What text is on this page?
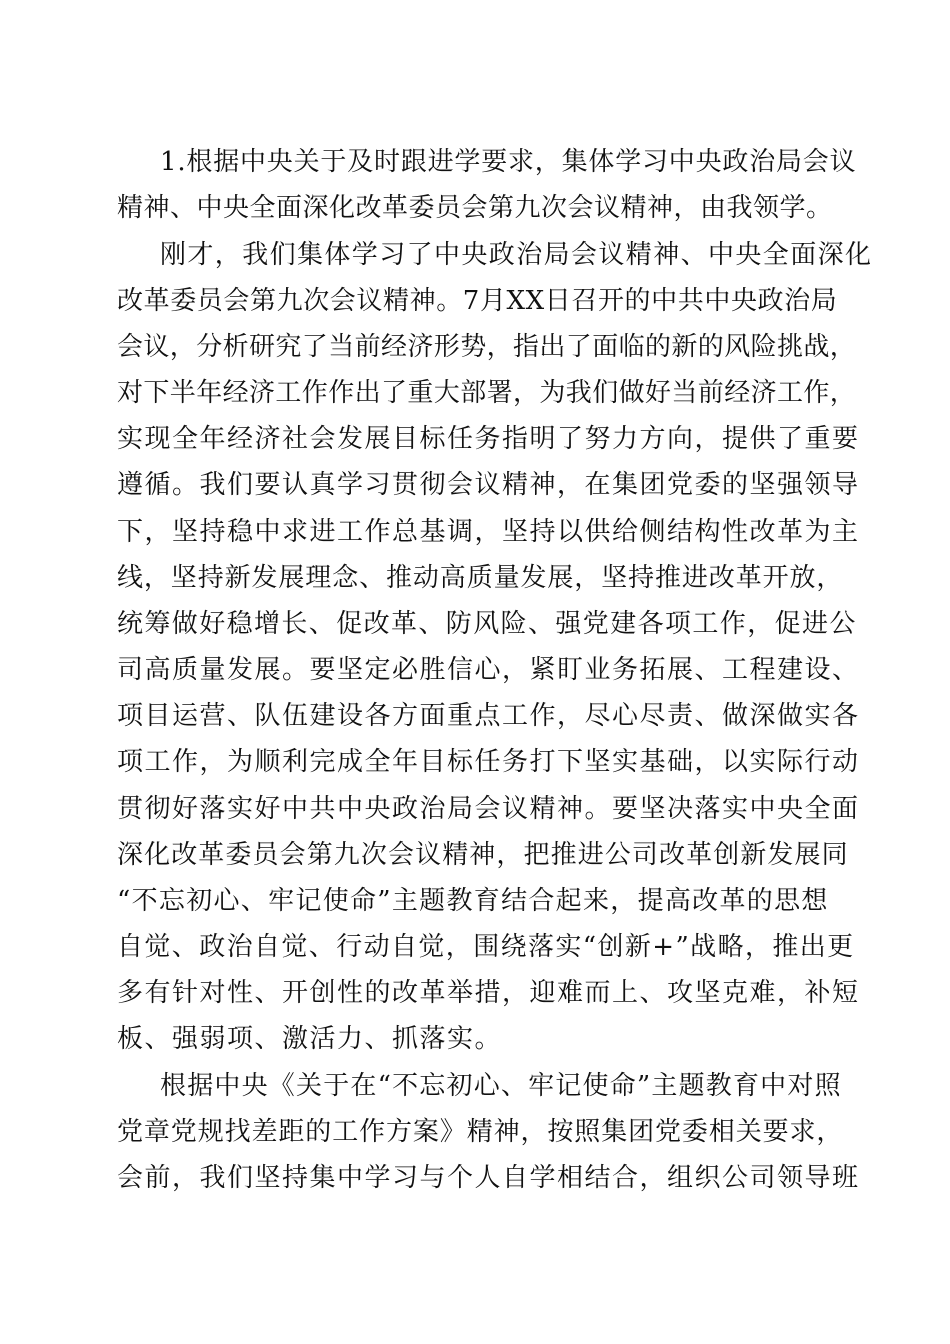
1.根据中央关于及时跟进学要求，集体学习中央政治局会议
精神、中央全面深化改革委员会第九次会议精神，由我领学。
刚才，我们集体学习了中央政治局会议精神、中央全面深化
改革委员会第九次会议精神。7月XX日召开的中共中央政治局
会议，分析研究了当前经济形势，指出了面临的新的风险挑战，
对下半年经济工作作出了重大部署，为我们做好当前经济工作，
实现全年经济社会发展目标任务指明了努力方向，提供了重要
遵循。我们要认真学习贯彻会议精神，在集团党委的坚强领导
下，坚持稳中求进工作总基调，坚持以供给侧结构性改革为主
线，坚持新发展理念、推动高质量发展，坚持推进改革开放，
统筹做好稳增长、促改革、防风险、强党建各项工作，促进公
司高质量发展。要坚定必胜信心，紧盯业务拓展、工程建设、
项目运营、队伍建设各方面重点工作，尽心尽责、做深做实各
项工作，为顺利完成全年目标任务打下坚实基础，以实际行动
贯彻好落实好中共中央政治局会议精神。要坚决落实中央全面
深化改革委员会第九次会议精神，把推进公司改革创新发展同
“不忘初心、牢记使命”主题教育结合起来，提高改革的思想
自觉、政治自觉、行动自觉，围绕落实“创新+”战略，推出更
多有针对性、开创性的改革举措，迎难而上、攻坚克难，补短
板、强弱项、激活力、抓落实。
根据中央《关于在“不忘初心、牢记使命”主题教育中对照
党章党规找差距的工作方案》精神，按照集团党委相关要求，
会前，我们坚持集中学习与个人自学相结合，组织公司领导班
